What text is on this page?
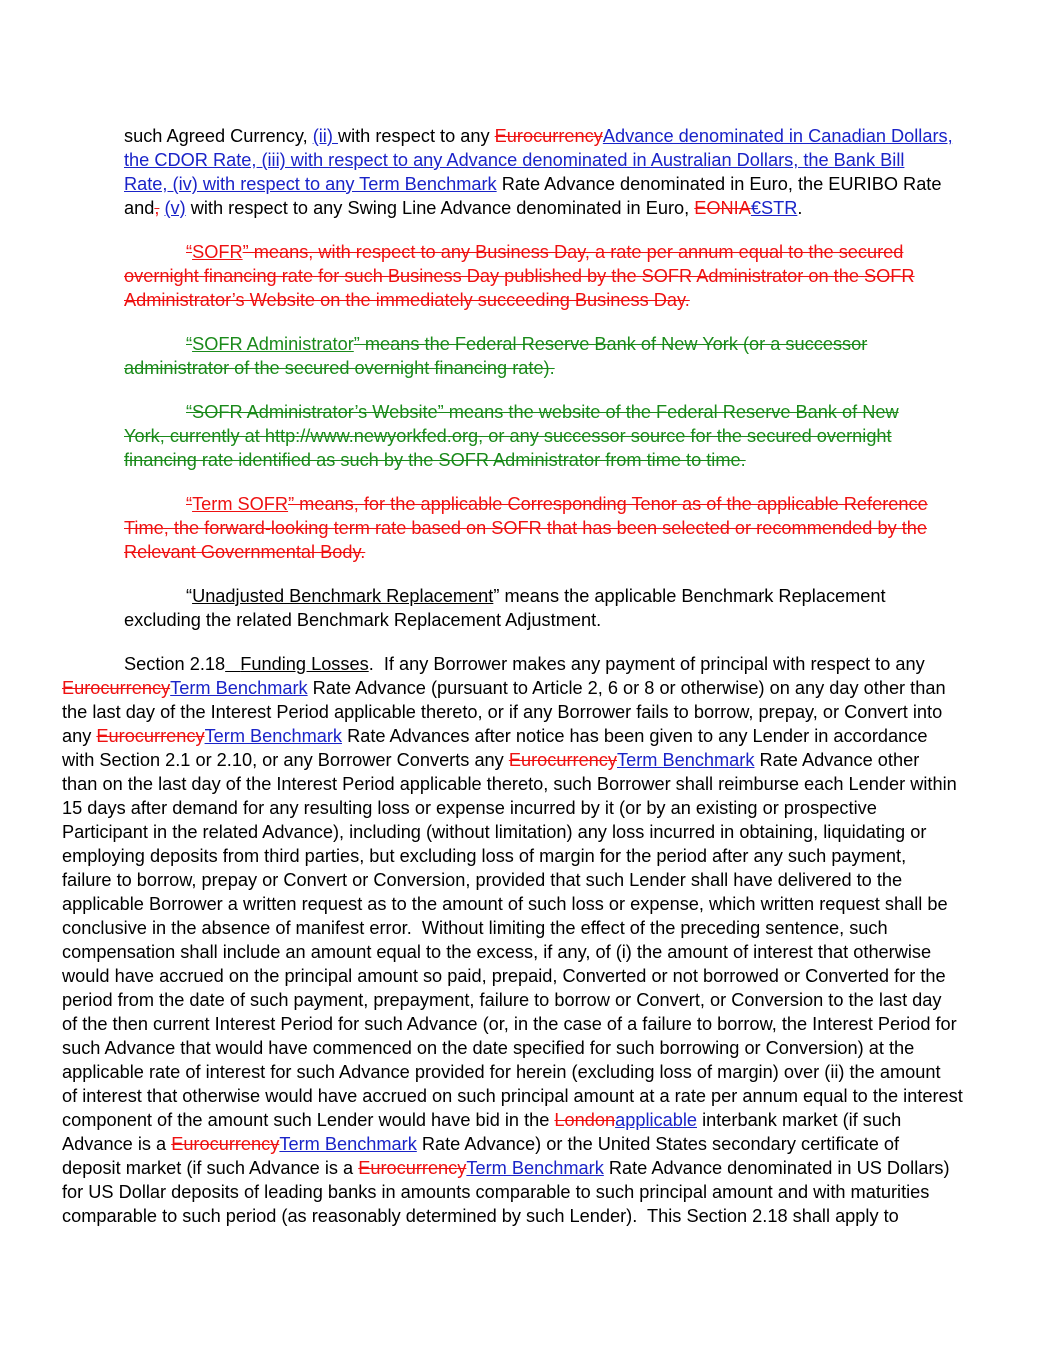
such Agreed Currency, (ii) with respect to any EurocurrencyAdvance denominated in Canadian Dollars,
the CDOR Rate, (iii) with respect to any Advance denominated in Australian Dollars, the Bank Bill
Rate, (iv) with respect to any Term Benchmark Rate Advance denominated in Euro, the EURIBO Rate
and, (v) with respect to any Swing Line Advance denominated in Euro, EONIA€STR.
“SOFR” means, with respect to any Business Day, a rate per annum equal to the secured
overnight financing rate for such Business Day published by the SOFR Administrator on the SOFR
Administrator’s Website on the immediately succeeding Business Day.
“SOFR Administrator” means the Federal Reserve Bank of New York (or a successor
administrator of the secured overnight financing rate).
“SOFR Administrator’s Website” means the website of the Federal Reserve Bank of New
York, currently at http://www.newyorkfed.org, or any successor source for the secured overnight
financing rate identified as such by the SOFR Administrator from time to time.
“Term SOFR” means, for the applicable Corresponding Tenor as of the applicable Reference
Time, the forward-looking term rate based on SOFR that has been selected or recommended by the
Relevant Governmental Body.
“Unadjusted Benchmark Replacement” means the applicable Benchmark Replacement
excluding the related Benchmark Replacement Adjustment.
Section 2.18 Funding Losses.  If any Borrower makes any payment of principal with respect to any
EurocurrencyTerm Benchmark Rate Advance (pursuant to Article 2, 6 or 8 or otherwise) on any day other than
the last day of the Interest Period applicable thereto, or if any Borrower fails to borrow, prepay, or Convert into
any EurocurrencyTerm Benchmark Rate Advances after notice has been given to any Lender in accordance
with Section 2.1 or 2.10, or any Borrower Converts any EurocurrencyTerm Benchmark Rate Advance other
than on the last day of the Interest Period applicable thereto, such Borrower shall reimburse each Lender within
15 days after demand for any resulting loss or expense incurred by it (or by an existing or prospective
Participant in the related Advance), including (without limitation) any loss incurred in obtaining, liquidating or
employing deposits from third parties, but excluding loss of margin for the period after any such payment,
failure to borrow, prepay or Convert or Conversion, provided that such Lender shall have delivered to the
applicable Borrower a written request as to the amount of such loss or expense, which written request shall be
conclusive in the absence of manifest error.  Without limiting the effect of the preceding sentence, such
compensation shall include an amount equal to the excess, if any, of (i) the amount of interest that otherwise
would have accrued on the principal amount so paid, prepaid, Converted or not borrowed or Converted for the
period from the date of such payment, prepayment, failure to borrow or Convert, or Conversion to the last day
of the then current Interest Period for such Advance (or, in the case of a failure to borrow, the Interest Period for
such Advance that would have commenced on the date specified for such borrowing or Conversion) at the
applicable rate of interest for such Advance provided for herein (excluding loss of margin) over (ii) the amount
of interest that otherwise would have accrued on such principal amount at a rate per annum equal to the interest
component of the amount such Lender would have bid in the Londonapplicable interbank market (if such
Advance is a EurocurrencyTerm Benchmark Rate Advance) or the United States secondary certificate of
deposit market (if such Advance is a EurocurrencyTerm Benchmark Rate Advance denominated in US Dollars)
for US Dollar deposits of leading banks in amounts comparable to such principal amount and with maturities
comparable to such period (as reasonably determined by such Lender).  This Section 2.18 shall apply to
